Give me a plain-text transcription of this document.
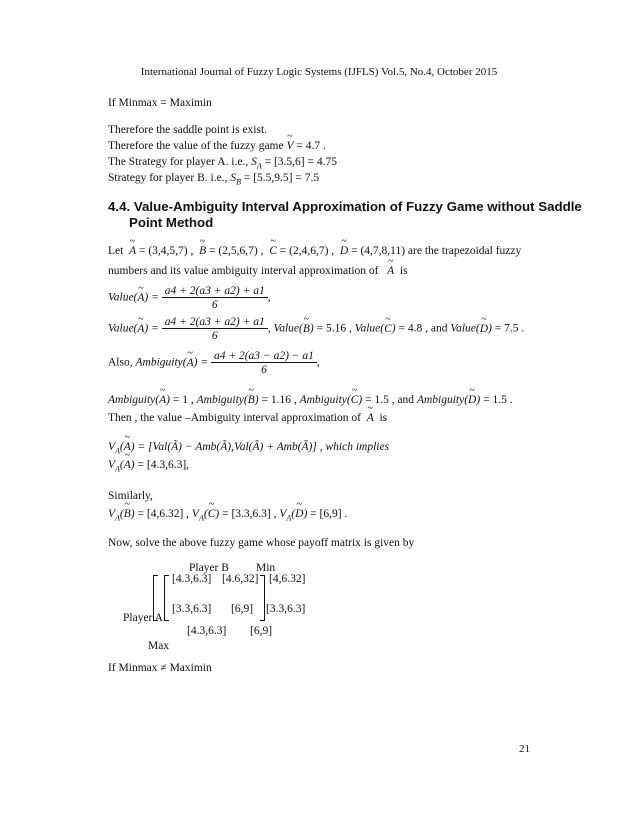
International Journal of Fuzzy Logic Systems (IJFLS) Vol.5, No.4, October 2015
If Minmax = Maximin
Therefore the saddle point is exist.
Therefore the value of the fuzzy game ~ V = 4.7 .
The Strategy for player A. i.e., $S_A = [3.5,6] = 4.75$
Strategy for player B. i.e., $S_B = [5.5,9.5] = 7.5$
4.4. Value-Ambiguity Interval Approximation of Fuzzy Game without Saddle
Point Method
Let ~ A = (3,4,5,7) , ~ B = (2,5,6,7) , ~ C = (2,4,6,7) , ~ D = (4,7,8,11) are the trapezoidal fuzzy
numbers and its value ambiguity interval approximation of ~ A is
Value(~ $A) = \frac{a4 + 2(a3 + a2) + a1}{6}$ ,
Value(~ $A) = \frac{a4 + 2(a3 + a2) + a1}{6}$ , Value(~ B) = 5.16 , Value(~ C) = 4.8 , and Value(~ D) = 7.5 .
Also, Ambiguity(~ $A) = \frac{a4 + 2(a3 - a2) - a1}{6}$ ,
Ambiguity(~ A) = 1 , Ambiguity(~ B) = 1.16 , Ambiguity(~ C) = 1.5 , and Ambiguity(~ D) = 1.5 .
Then , the value –Ambiguity interval approximation of ~ A  is
$V_A(\sim$ A) = [Val(Ã) − Amb(Ã),Val(Ã) + Amb(Ã)] , which implies
$V_A(\sim$ A) = [4.3,6.3],
Similarly,
$V_A(\sim$ B) = [4,6.32] , $V_A(\sim$ C) = [3.3,6.3] , $V_A(\sim$ D) = [6,9] .
Now, solve the above fuzzy game whose payoff matrix is given by
Player B Min
[4.3,6.3] [4.6,32] [4,6.32]
Player A
[3.3,6.3] [6,9] [3.3,6.3]
[4.3,6.3] [6,9]
Max
If Minmax ≠ Maximin
21
